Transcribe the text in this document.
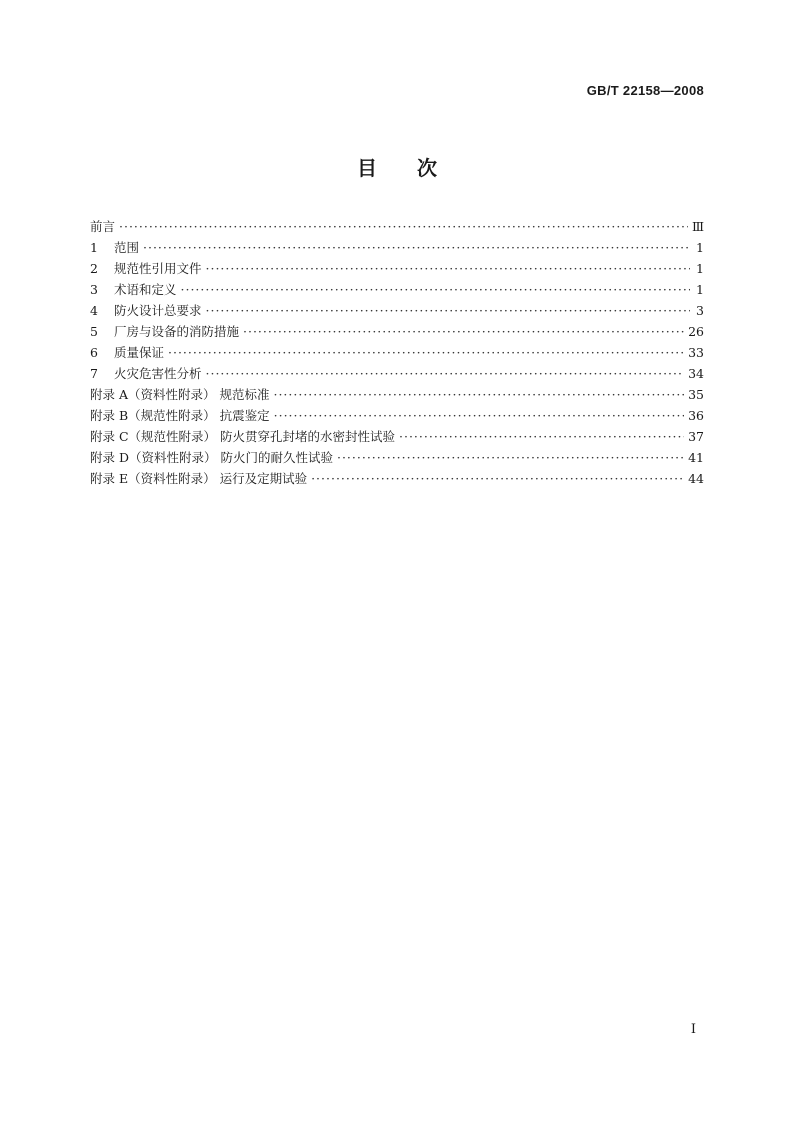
GB/T 22158—2008
目 次
前言 ·····	Ⅲ
1	范围 ·····	1
2	规范性引用文件 ·····	1
3	术语和定义 ·····	1
4	防火设计总要求 ·····	3
5	厂房与设备的消防措施 ·····	26
6	质量保证 ·····	33
7	火灾危害性分析 ·····	34
附录 A（资料性附录） 规范标准 ·····	35
附录 B（规范性附录） 抗震鉴定 ·····	36
附录 C（规范性附录） 防火贯穿孔封堵的水密封性试验 ·····	37
附录 D（资料性附录） 防火门的耐久性试验 ·····	41
附录 E（资料性附录） 运行及定期试验 ·····	44
I
